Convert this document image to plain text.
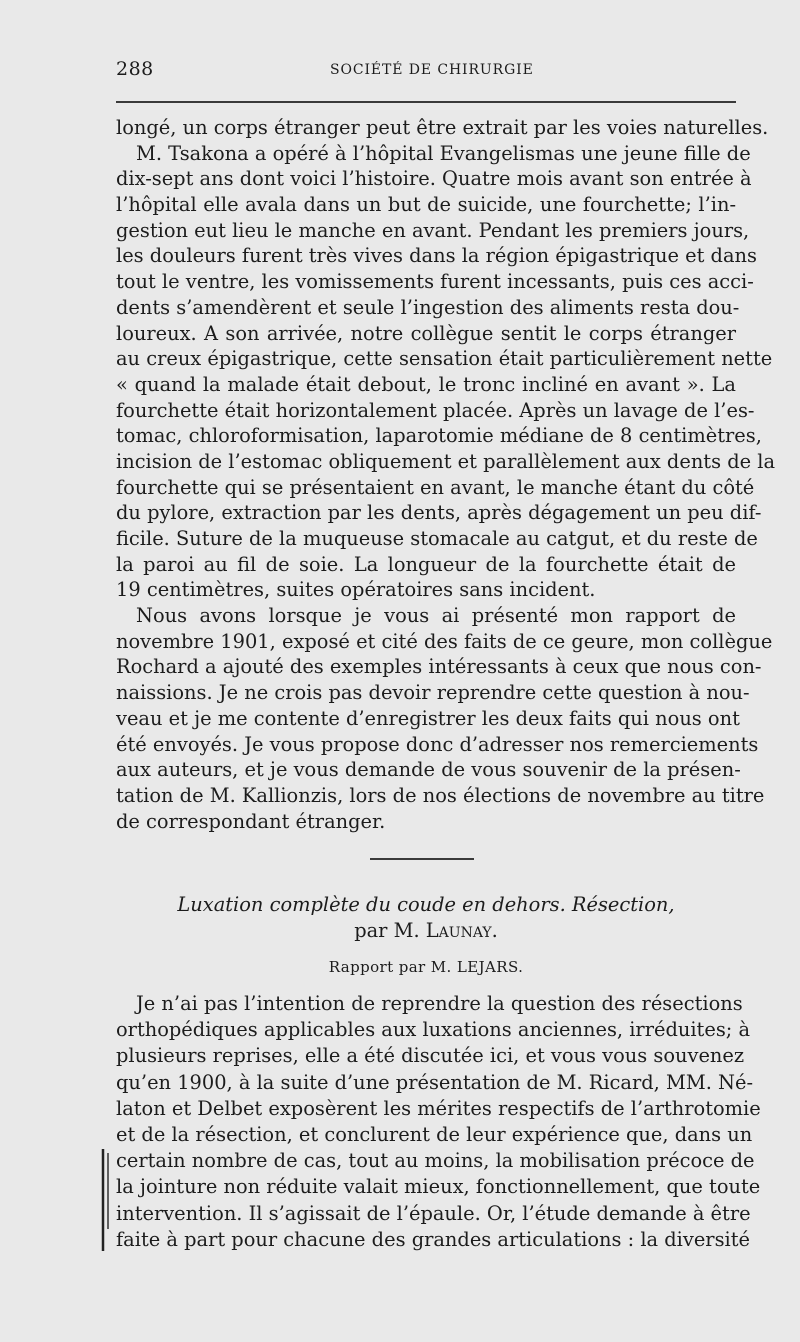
288	SOCIÉTÉ DE CHIRURGIE
longé, un corps étranger peut être extrait par les voies naturelles.
M. Tsakona a opéré à l’hôpital Evangelismas une jeune fille de
dix-sept ans dont voici l’histoire. Quatre mois avant son entrée à
l’hôpital elle avala dans un but de suicide, une fourchette; l’in-
gestion eut lieu le manche en avant. Pendant les premiers jours,
les douleurs furent très vives dans la région épigastrique et dans
tout le ventre, les vomissements furent incessants, puis ces acci-
dents s’amendèrent et seule l’ingestion des aliments resta dou-
loureux. A son arrivée, notre collègue sentit le corps étranger
au creux épigastrique, cette sensation était particulièrement nette
« quand la malade était debout, le tronc incliné en avant ». La
fourchette était horizontalement placée. Après un lavage de l’es-
tomac, chloroformisation, laparotomie médiane de 8 centimètres,
incision de l’estomac obliquement et parallèlement aux dents de la
fourchette qui se présentaient en avant, le manche étant du côté
du pylore, extraction par les dents, après dégagement un peu dif-
ficile. Suture de la muqueuse stomacale au catgut, et du reste de
la paroi au fil de soie. La longueur de la fourchette était de
19 centimètres, suites opératoires sans incident.
Nous avons lorsque je vous ai présenté mon rapport de
novembre 1901, exposé et cité des faits de ce geure, mon collègue
Rochard a ajouté des exemples intéressants à ceux que nous con-
naissions. Je ne crois pas devoir reprendre cette question à nou-
veau et je me contente d’enregistrer les deux faits qui nous ont
été envoyés. Je vous propose donc d’adresser nos remerciements
aux auteurs, et je vous demande de vous souvenir de la présen-
tation de M. Kallionzis, lors de nos élections de novembre au titre
de correspondant étranger.
Luxation complète du coude en dehors. Résection,
par M. Launay.
Rapport par M. LEJARS.
Je n’ai pas l’intention de reprendre la question des résections
orthopédiques applicables aux luxations anciennes, irréduites; à
plusieurs reprises, elle a été discutée ici, et vous vous souvenez
qu’en 1900, à la suite d’une présentation de M. Ricard, MM. Né-
laton et Delbet exposèrent les mérites respectifs de l’arthrotomie
et de la résection, et conclurent de leur expérience que, dans un
certain nombre de cas, tout au moins, la mobilisation précoce de
la jointure non réduite valait mieux, fonctionnellement, que toute
intervention. Il s’agissait de l’épaule. Or, l’étude demande à être
faite à part pour chacune des grandes articulations : la diversité
